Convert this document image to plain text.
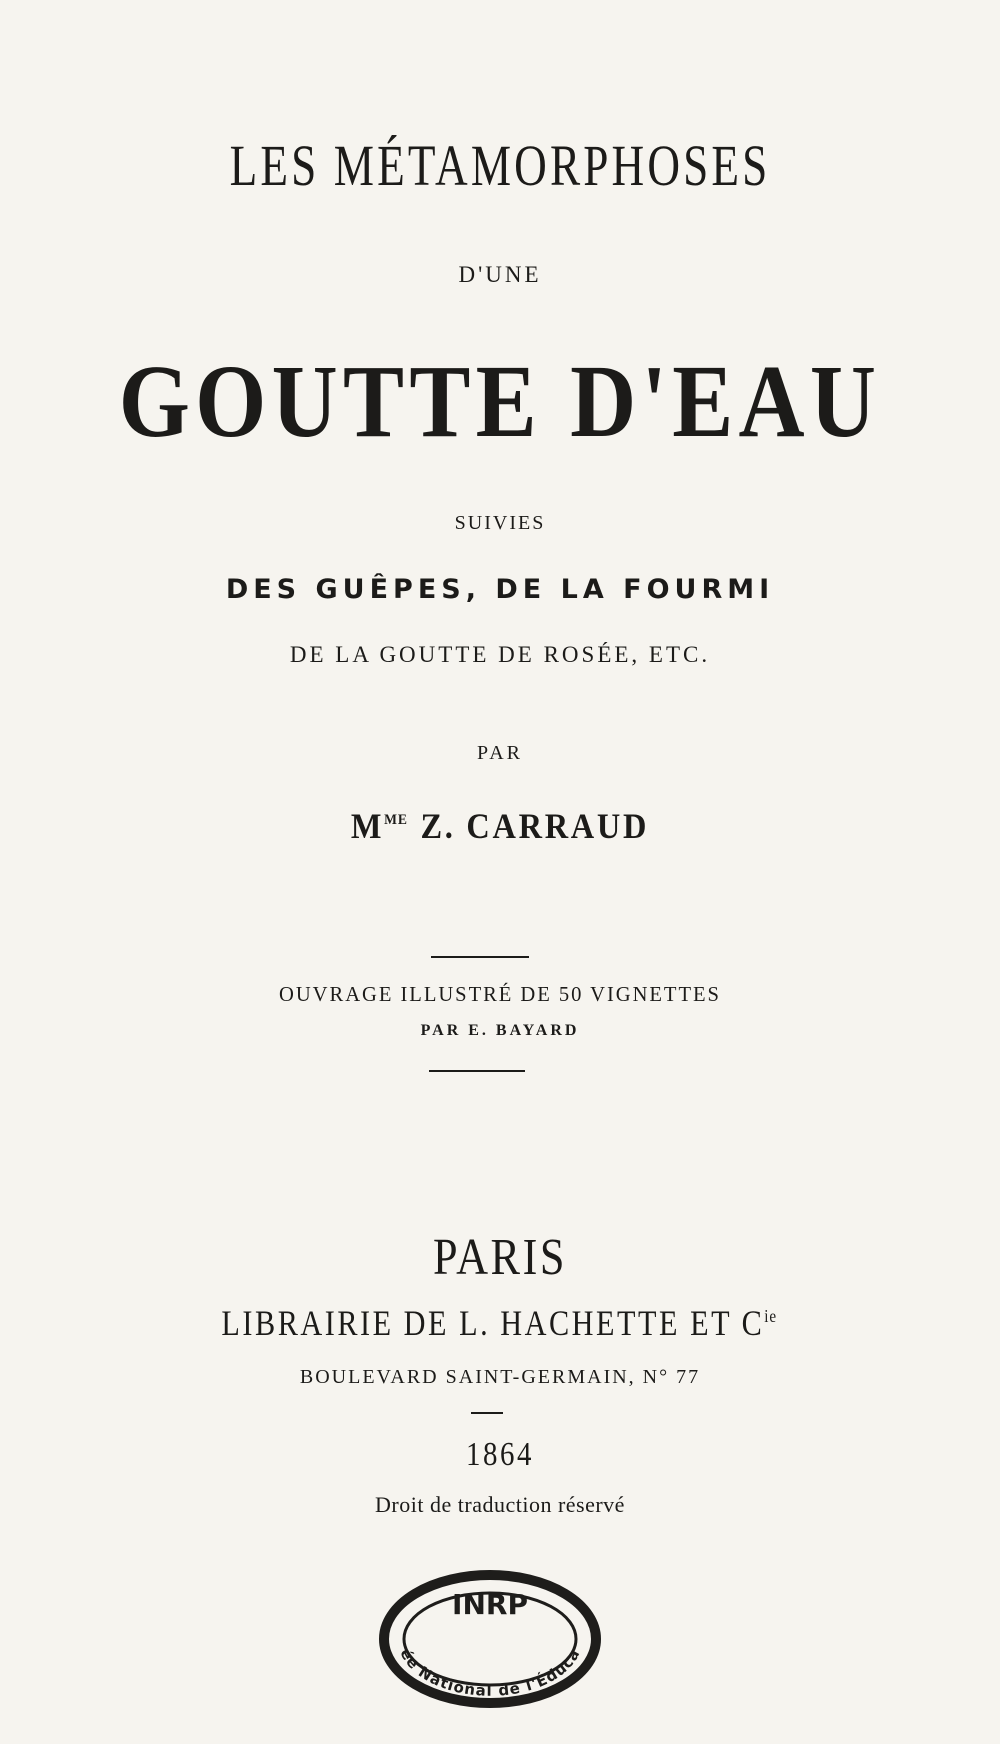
LES MÉTAMORPHOSES
D'UNE
GOUTTE D'EAU
SUIVIES
DES GUÊPES, DE LA FOURMI
DE LA GOUTTE DE ROSÉE, ETC.
PAR
$M^{ME}$ Z. CARRAUD
OUVRAGE ILLUSTRÉ DE 50 VIGNETTES
PAR E. BAYARD
PARIS
LIBRAIRIE DE L. HACHETTE ET $C^{ie}$
BOULEVARD SAINT-GERMAIN, N° 77
1864
Droit de traduction réservé
INRP
ée National de l'Éduca
